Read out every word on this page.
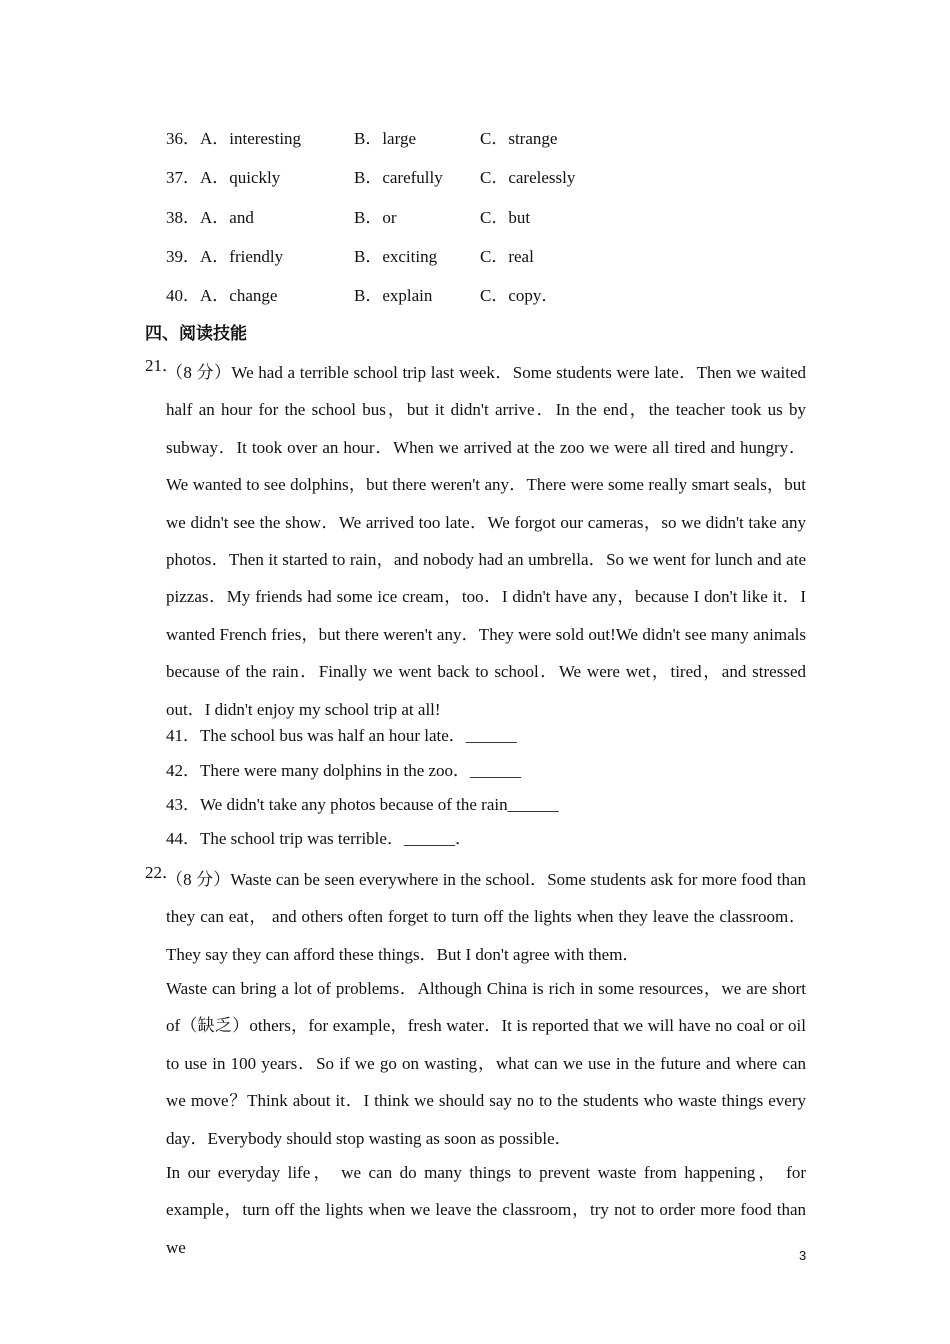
36． A．interesting	B．large	C．strange
37． A．quickly	B．carefully C．carelessly
38． A．and	B．or	C．but
39． A．friendly	B．exciting	C．real
40． A．change	B．explain	C．copy．
四、阅读技能
21．

（8 分）We had a terrible school trip last week．Some students were late．Then we waited half an hour for the school bus，but it didn't arrive．In the end，the teacher took us by subway．It took over an hour．When we arrived at the zoo we were all tired and hungry．We wanted to see dolphins，but there weren't any．There were some really smart seals，but we didn't see the show．We arrived too late．We forgot our cameras，so we didn't take any photos．Then it started to rain，and nobody had an umbrella．So we went for lunch and ate pizzas．My friends had some ice cream，too．I didn't have any，because I don't like it．I wanted French fries，but there weren't any．They were sold out!We didn't see many animals because of the rain．Finally we went back to school．We were wet，tired，and stressed out．I didn't enjoy my school trip at all!

41．The school bus was half an hour late．______
42．There were many dolphins in the zoo．______
43．We didn't take any photos because of the rain______
44．The school trip was terrible．______．
22．

（8 分）Waste can be seen everywhere in the school．Some students ask for more food than they can eat， and others often forget to turn off the lights when they leave the classroom．They say they can afford these things．But I don't agree with them．

Waste can bring a lot of problems．Although China is rich in some resources，we are short of（缺乏）others，for example，fresh water．It is reported that we will have no coal or oil to use in 100 years．So if we go on wasting，what can we use in the future and where can we move？Think about it．I think we should say no to the students who waste things every day．Everybody should stop wasting as soon as possible．

In our everyday life， we can do many things to prevent waste from happening， for example，turn off the lights when we leave the classroom，try not to order more food than we	3
